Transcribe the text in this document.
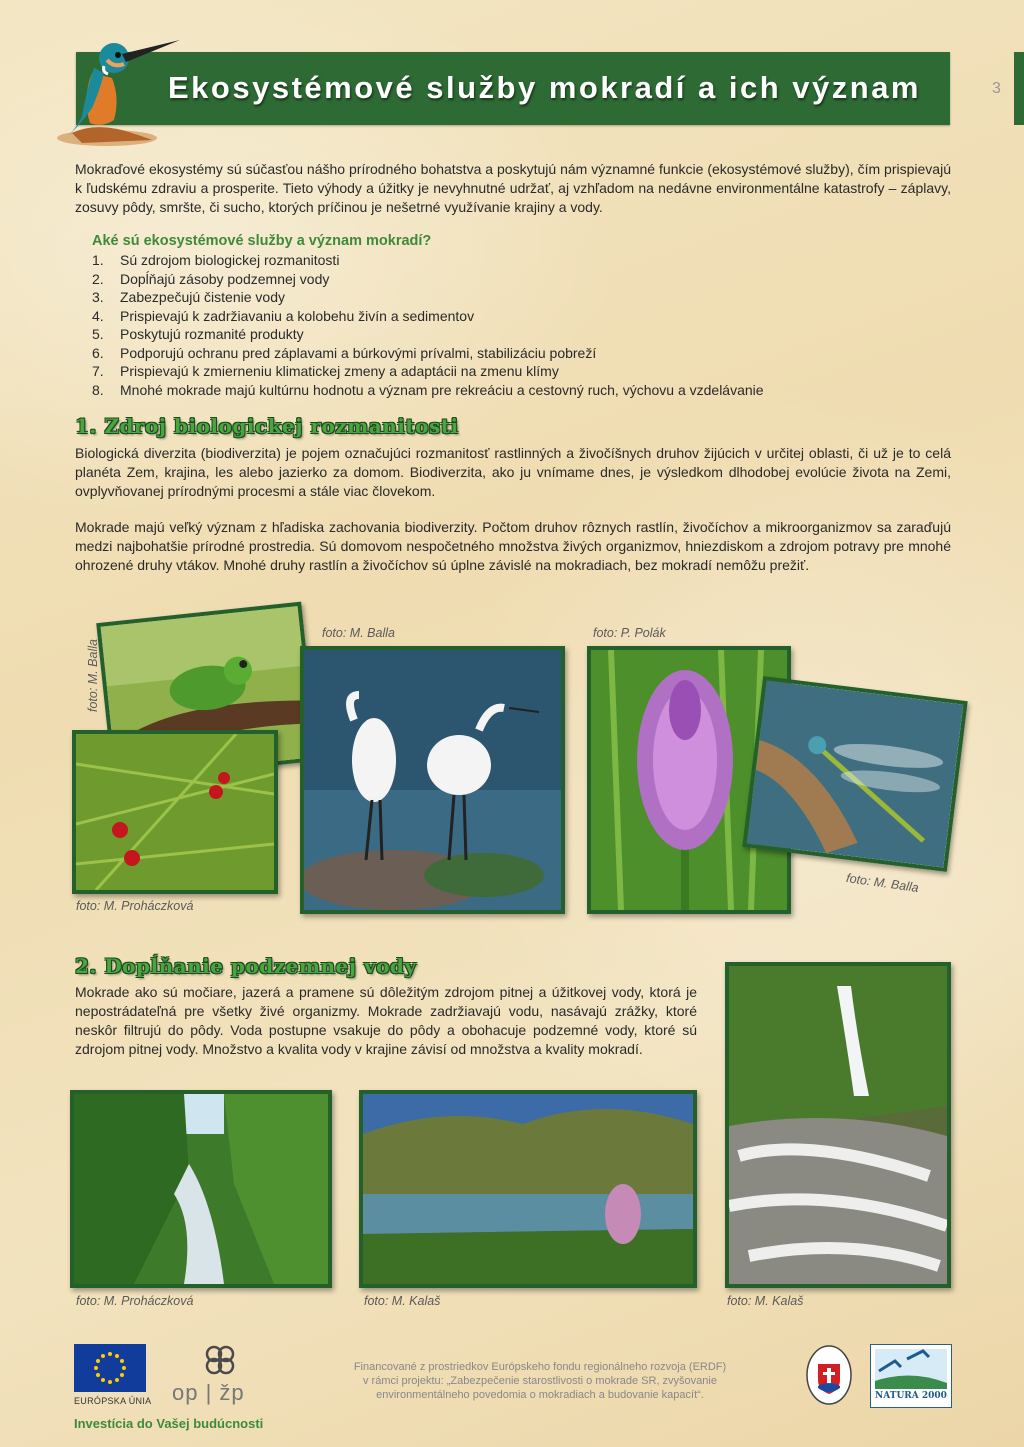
Ekosystémové služby mokradí a ich význam	3
Mokraďové ekosystémy sú súčasťou nášho prírodného bohatstva a poskytujú nám významné funkcie (ekosystémové služby), čím prispievajú k ľudskému zdraviu a prosperite. Tieto výhody a úžitky je nevyhnutné udržať, aj vzhľadom na nedávne environmentálne katastrofy – záplavy, zosuvy pôdy, smršte, či sucho, ktorých príčinou je nešetrné využívanie krajiny a vody.
Aké sú ekosystémové služby a význam mokradí?
1.	Sú zdrojom biologickej rozmanitosti
2.	Dopĺňajú zásoby podzemnej vody
3.	Zabezpečujú čistenie vody
4.	Prispievajú k zadržiavaniu a kolobehu živín a sedimentov
5.	Poskytujú rozmanité produkty
6.	Podporujú ochranu pred záplavami a búrkovými prívalmi, stabilizáciu pobreží
7.	Prispievajú k zmierneniu klimatickej zmeny a adaptácii na zmenu klímy
8.	Mnohé mokrade majú kultúrnu hodnotu a význam pre rekreáciu a cestovný ruch, výchovu a vzdelávanie
1. Zdroj biologickej rozmanitosti
Biologická diverzita (biodiverzita) je pojem označujúci rozmanitosť rastlinných a živočíšnych druhov žijúcich v určitej oblasti, či už je to celá planéta Zem, krajina, les alebo jazierko za domom. Biodiverzita, ako ju vnímame dnes, je výsledkom dlhodobej evolúcie života na Zemi, ovplyvňovanej prírodnými procesmi a stále viac človekom.
Mokrade majú veľký význam z hľadiska zachovania biodiverzity. Počtom druhov rôznych rastlín, živočíchov a mikroorganizmov sa zaraďujú medzi najbohatšie prírodné prostredia. Sú domovom nespočetného množstva živých organizmov, hniezdiskom a zdrojom potravy pre mnohé ohrozené druhy vtákov. Mnohé druhy rastlín a živočíchov sú úplne závislé na mokradiach, bez mokradí nemôžu prežiť.
foto: M. Balla
foto: M. Proháczková
foto: M. Balla	foto: P. Polák
foto: M. Balla
2. Dopĺňanie podzemnej vody
Mokrade ako sú močiare, jazerá a pramene sú dôležitým zdrojom pitnej a úžitkovej vody, ktorá je nepostrádateľná pre všetky živé organizmy. Mokrade zadržiavajú vodu, nasávajú zrážky, ktoré neskôr filtrujú do pôdy. Voda postupne vsakuje do pôdy a obohacuje podzemné vody, ktoré sú zdrojom pitnej vody. Množstvo a kvalita vody v krajine závisí od množstva a kvality mokradí.
foto: M. Proháczková	foto: M. Kalaš	foto: M. Kalaš
EURÓPSKA ÚNIA
Investícia do Vašej budúcnosti
op | žp
Financované z prostriedkov Európskeho fondu regionálneho rozvoja (ERDF)
v rámci projektu: „Zabezpečenie starostlivosti o mokrade SR, zvyšovanie
environmentálneho povedomia o mokradiach a budovanie kapacít“.	NATURA 2000
